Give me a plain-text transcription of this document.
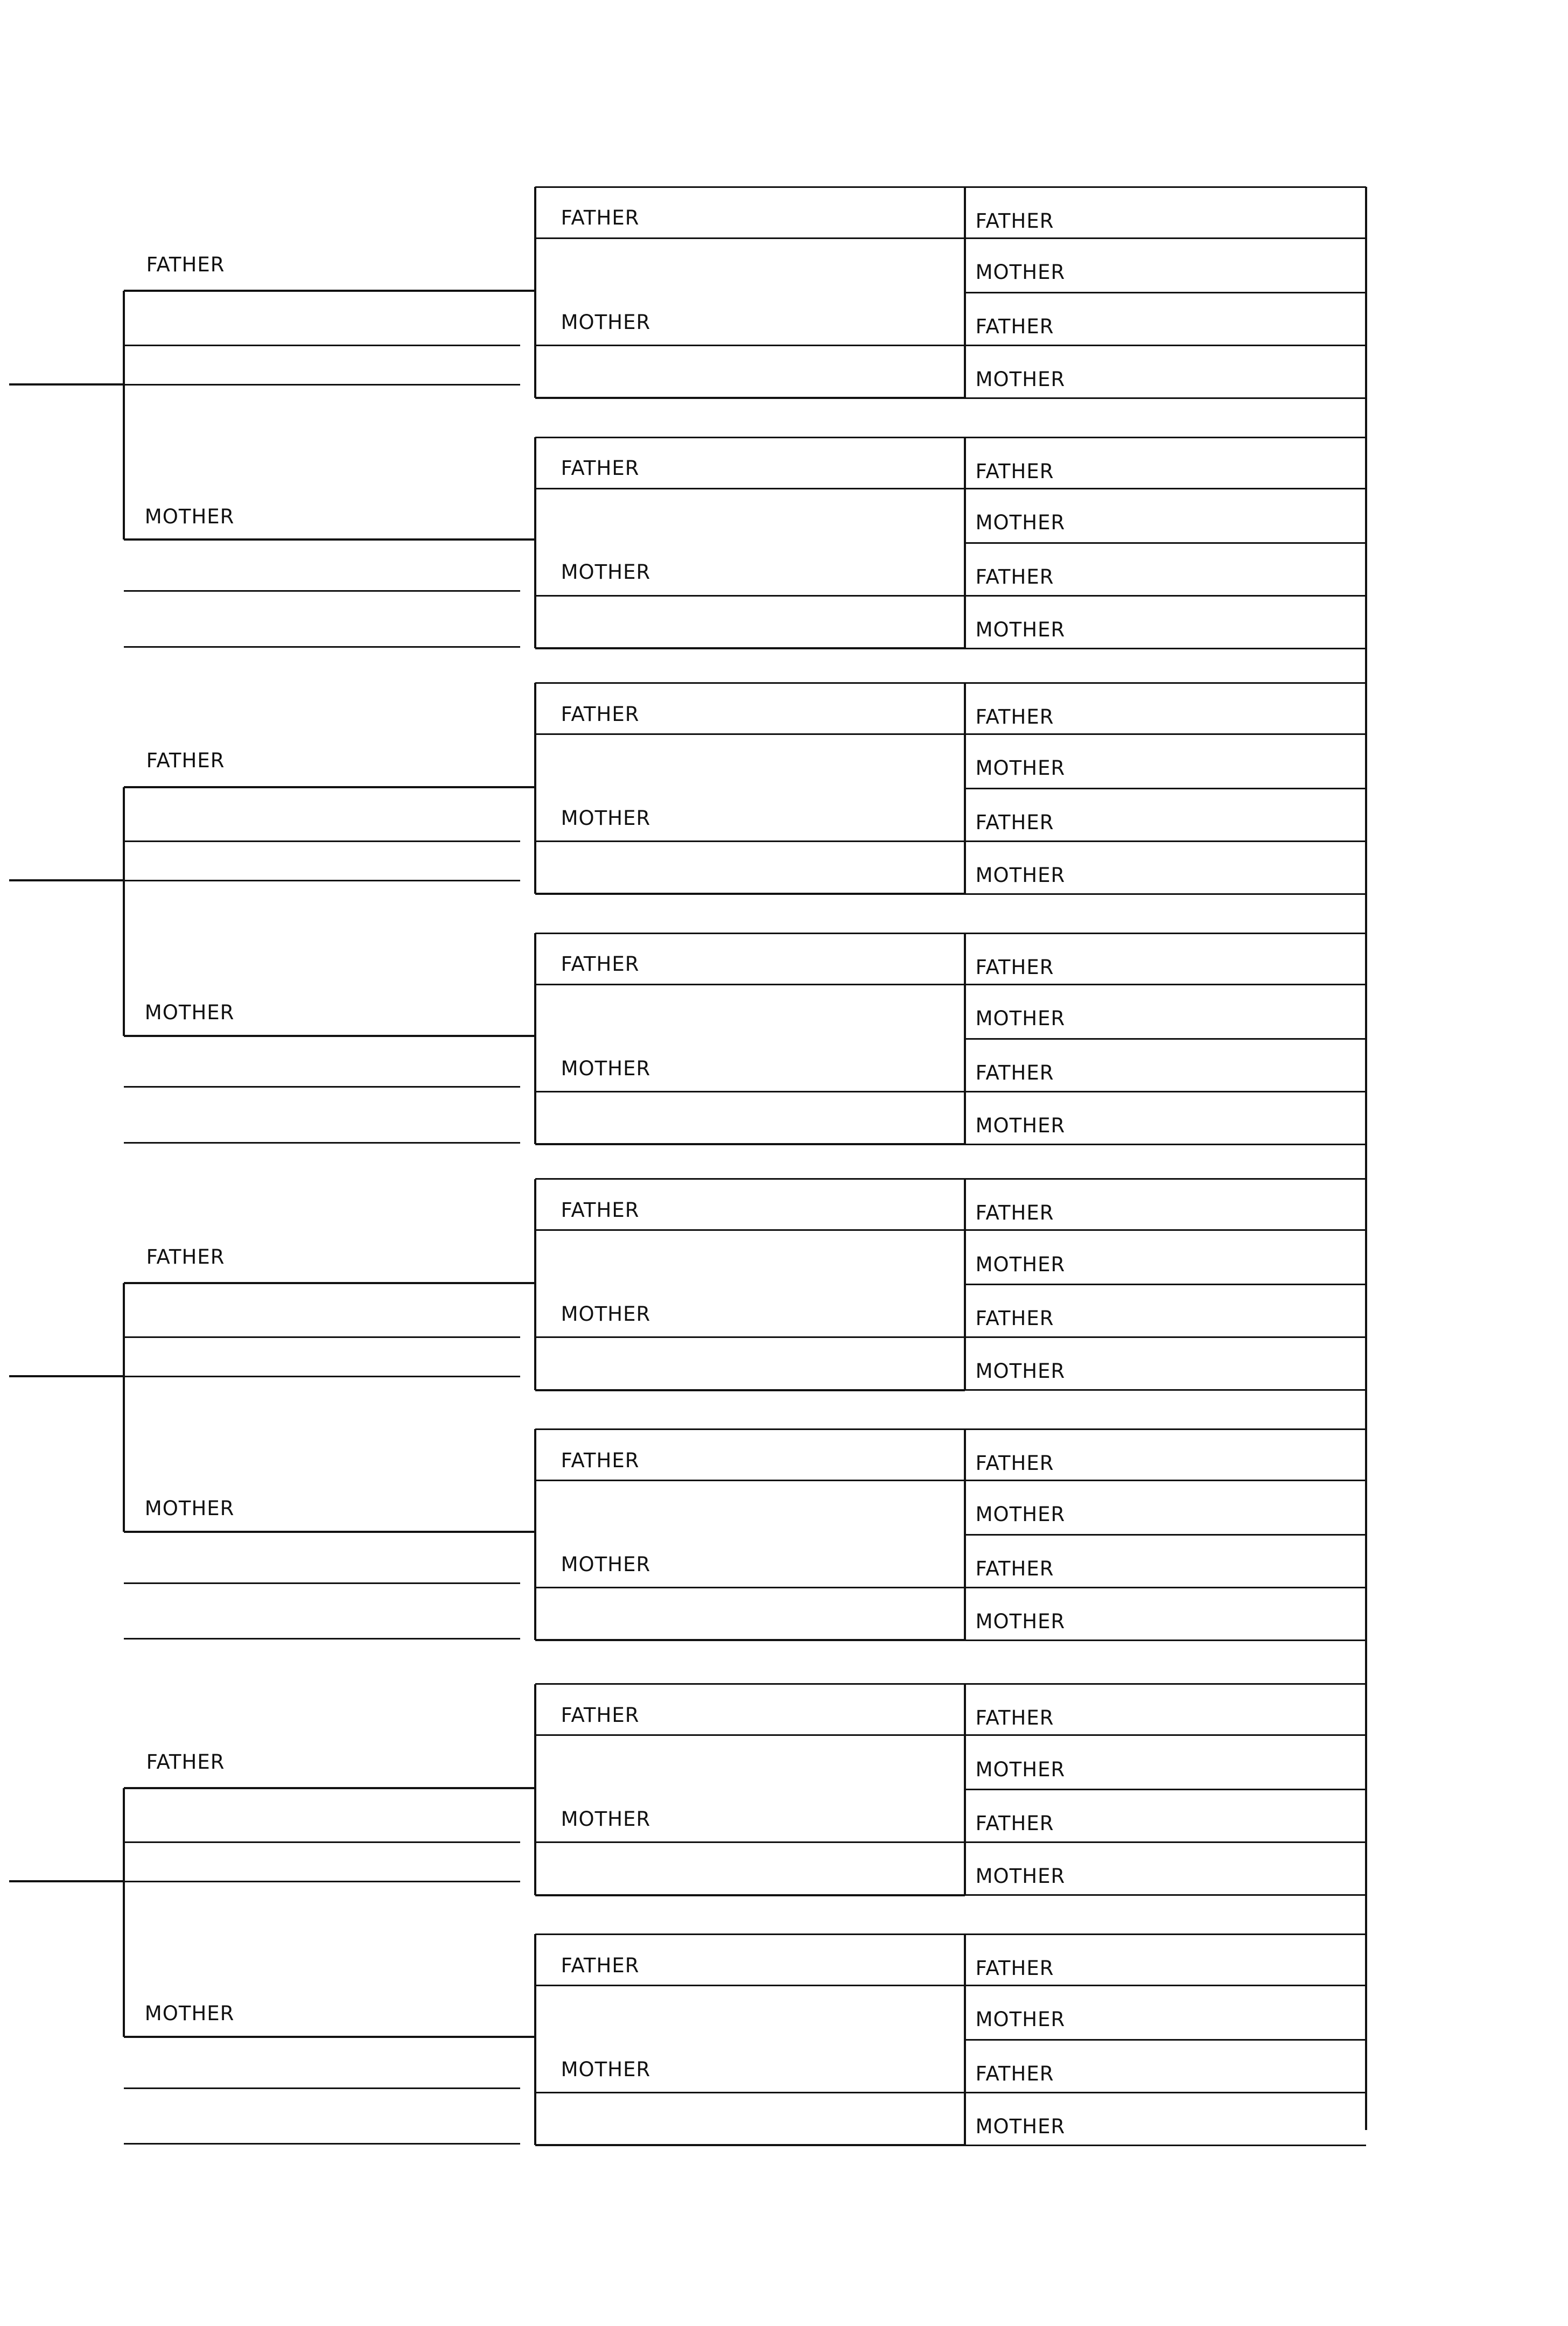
FATHER
MOTHER
FATHER
MOTHER
FATHER
MOTHER
FATHER
MOTHER
FATHER
MOTHER
FATHER
MOTHER
FATHER
MOTHER
FATHER
MOTHER
FATHER
MOTHER
FATHER
MOTHER
FATHER
MOTHER
FATHER
MOTHER
FATHER
MOTHER
FATHER
MOTHER
FATHER
MOTHER
FATHER
MOTHER
FATHER
MOTHER
FATHER
MOTHER
FATHER
MOTHER
FATHER
MOTHER
FATHER
MOTHER
FATHER
MOTHER
FATHER
MOTHER
FATHER
MOTHER
FATHER
MOTHER
FATHER
MOTHER
FATHER
MOTHER
FATHER
MOTHER
